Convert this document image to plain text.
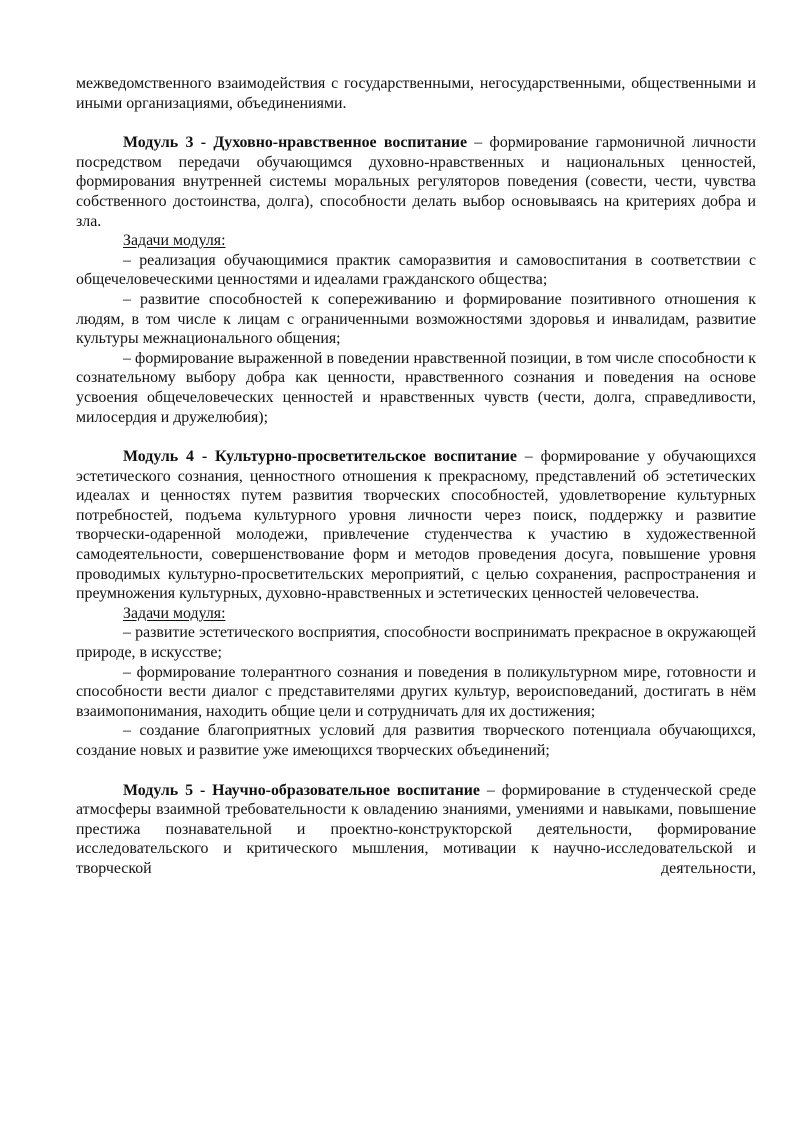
межведомственного взаимодействия с государственными, негосударственными, общественными и иными организациями, объединениями.

Модуль 3 - Духовно-нравственное воспитание – формирование гармоничной личности посредством передачи обучающимся духовно-нравственных и национальных ценностей, формирования внутренней системы моральных регуляторов поведения (совести, чести, чувства собственного достоинства, долга), способности делать выбор основываясь на критериях добра и зла.

Задачи модуля:

– реализация обучающимися практик саморазвития и самовоспитания в соответствии с общечеловеческими ценностями и идеалами гражданского общества;

– развитие способностей к сопереживанию и формирование позитивного отношения к людям, в том числе к лицам с ограниченными возможностями здоровья и инвалидам, развитие культуры межнационального общения;

– формирование выраженной в поведении нравственной позиции, в том числе способности к сознательному выбору добра как ценности, нравственного сознания и поведения на основе усвоения общечеловеческих ценностей и нравственных чувств (чести, долга, справедливости, милосердия и дружелюбия);

Модуль 4 - Культурно-просветительское воспитание – формирование у обучающихся эстетического сознания, ценностного отношения к прекрасному, представлений об эстетических идеалах и ценностях путем развития творческих способностей, удовлетворение культурных потребностей, подъема культурного уровня личности через поиск, поддержку и развитие творчески-одаренной молодежи, привлечение студенчества к участию в художественной самодеятельности, совершенствование форм и методов проведения досуга, повышение уровня проводимых культурно-просветительских мероприятий, с целью сохранения, распространения и преумножения культурных, духовно-нравственных и эстетических ценностей человечества.

Задачи модуля:

– развитие эстетического восприятия, способности воспринимать прекрасное в окружающей природе, в искусстве;

– формирование толерантного сознания и поведения в поликультурном мире, готовности и способности вести диалог с представителями других культур, вероисповеданий, достигать в нём взаимопонимания, находить общие цели и сотрудничать для их достижения;

– создание благоприятных условий для развития творческого потенциала обучающихся, создание новых и развитие уже имеющихся творческих объединений;

Модуль 5 - Научно-образовательное воспитание – формирование в студенческой среде атмосферы взаимной требовательности к овладению знаниями, умениями и навыками, повышение престижа познавательной и проектно-конструкторской деятельности, формирование исследовательского и критического мышления, мотивации к научно-исследовательской и творческой деятельности,
